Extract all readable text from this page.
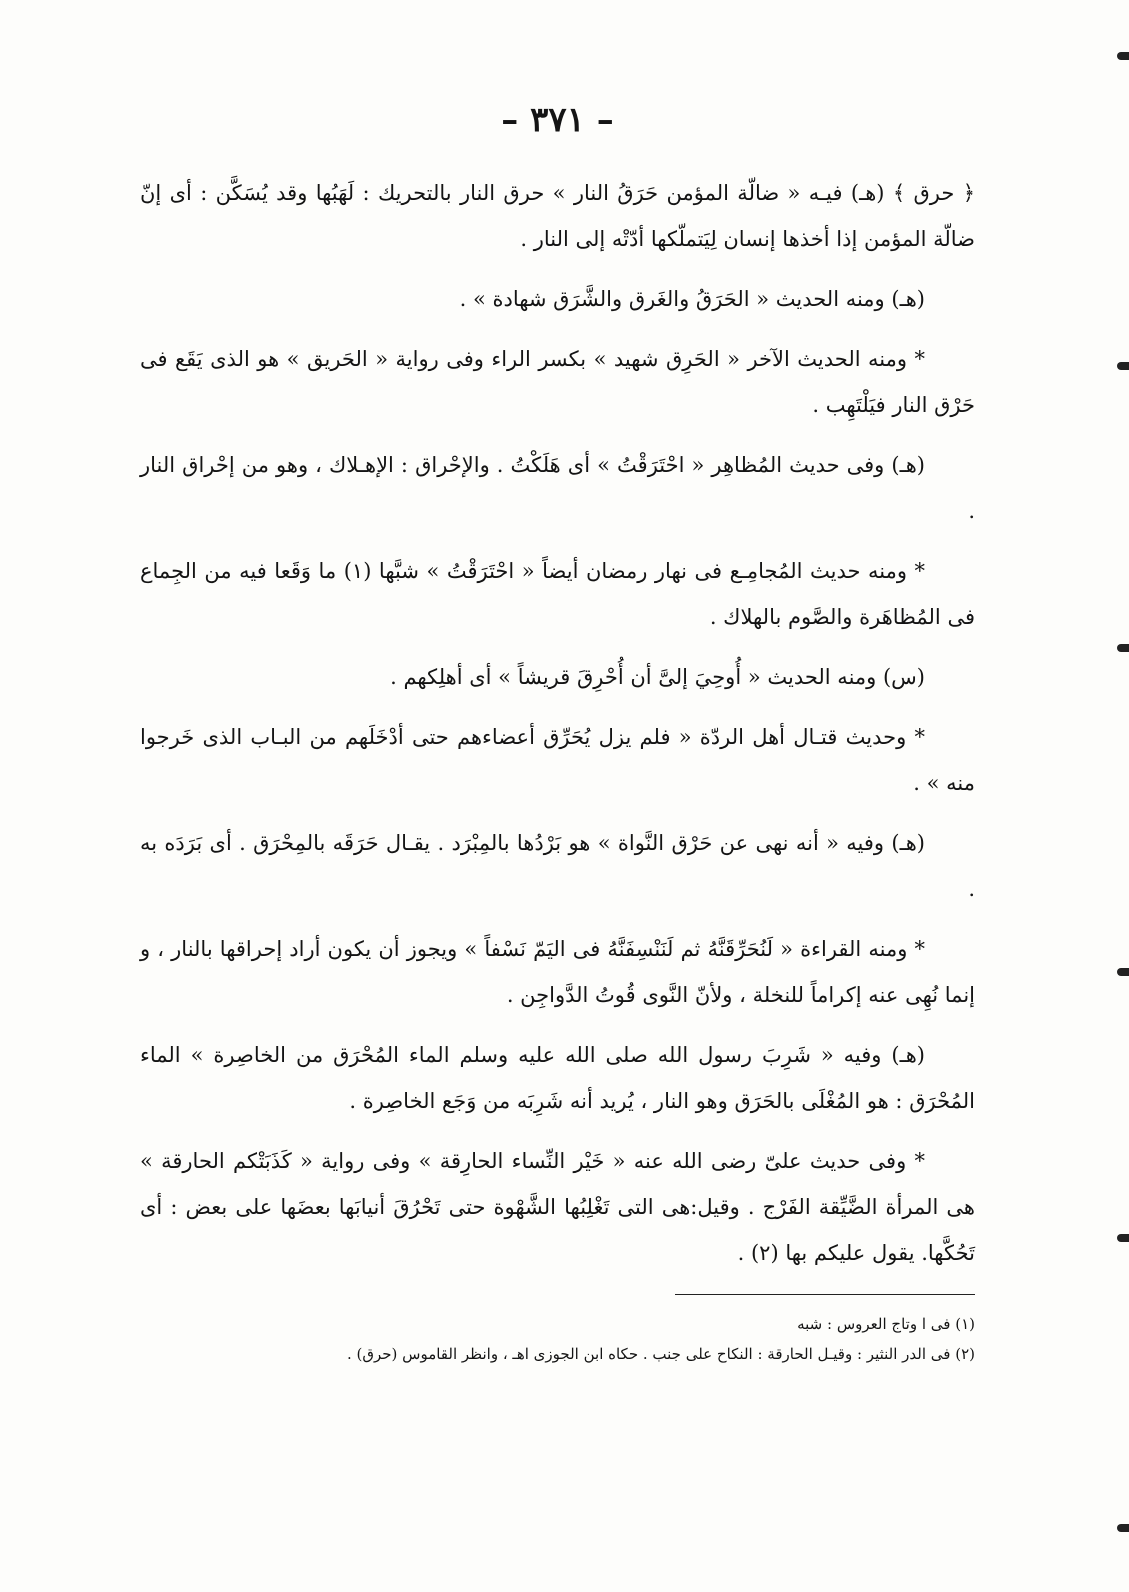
– ٣٧١ –

﴿ حرق ﴾ (هـ) فيـه « ضالّة المؤمن حَرَقُ النار » حرق النار بالتحريك : لَهَبُها وقد يُسَكَّن : أى إنّ ضالّة المؤمن إذا أخذها إنسان لِيَتملّكها أدّتْه إلى النار .

(هـ) ومنه الحديث « الحَرَقُ والغَرق والشَّرَق شهادة » .

* ومنه الحديث الآخر « الحَرِق شهيد » بكسر الراء وفى رواية « الحَريق » هو الذى يَقَع فى حَرْق النار فيَلْتَهِب .

(هـ) وفى حديث المُظاهِر « احْتَرَقْتُ » أى هَلَكْتُ . والإحْراق : الإهـلاك ، وهو من إحْراق النار .

* ومنه حديث المُجامِـع فى نهار رمضان أيضاً « احْتَرَقْتُ » شبَّها (١) ما وَقَعا فيه من الجِماع فى المُظاهَرة والصَّوم بالهلاك .

(س) ومنه الحديث « أُوحِيَ إلىَّ أن أُحْرِقَ قريشاً » أى أهلِكهم .

* وحديث قتـال أهل الردّة « فلم يزل يُحَرِّق أعضاءهم حتى أدْخَلَهم من البـاب الذى خَرجوا منه » .

(هـ) وفيه « أنه نهى عن حَرْق النَّواة » هو بَرْدُها بالمِبْرَد . يقـال حَرَقَه بالمِحْرَق . أى بَرَدَه به .

* ومنه القراءة « لَنُحَرِّقَنَّهُ ثم لَنَنْسِفَنَّهُ فى اليَمّ نَسْفاً » ويجوز أن يكون أراد إحراقها بالنار ، و إنما نُهِى عنه إكراماً للنخلة ، ولأنّ النَّوى قُوتُ الدَّواجِن .

(هـ) وفيه « شَرِبَ رسول الله صلى الله عليه وسلم الماء المُحْرَق من الخاصِرة » الماء المُحْرَق : هو المُغْلَى بالحَرَق وهو النار ، يُريد أنه شَرِبَه من وَجَع الخاصِرة .

* وفى حديث علىّ رضى الله عنه « خَيْر النِّساء الحارِقة » وفى رواية « كَذَبَتْكم الحارقة » هى المرأة الضَّيِّقة الفَرْج . وقيل:هى التى تَغْلِبُها الشَّهْوة حتى تَحْرُقَ أنيابَها بعضَها على بعض : أى تَحُكَّها. يقول عليكم بها (٢) .

(١) فى ا وتاج العروس : شبه

(٢) فى الدر النثير : وقيـل الحارقة : النكاح على جنب . حكاه ابن الجوزى اهـ ، وانظر القاموس (حرق) .
